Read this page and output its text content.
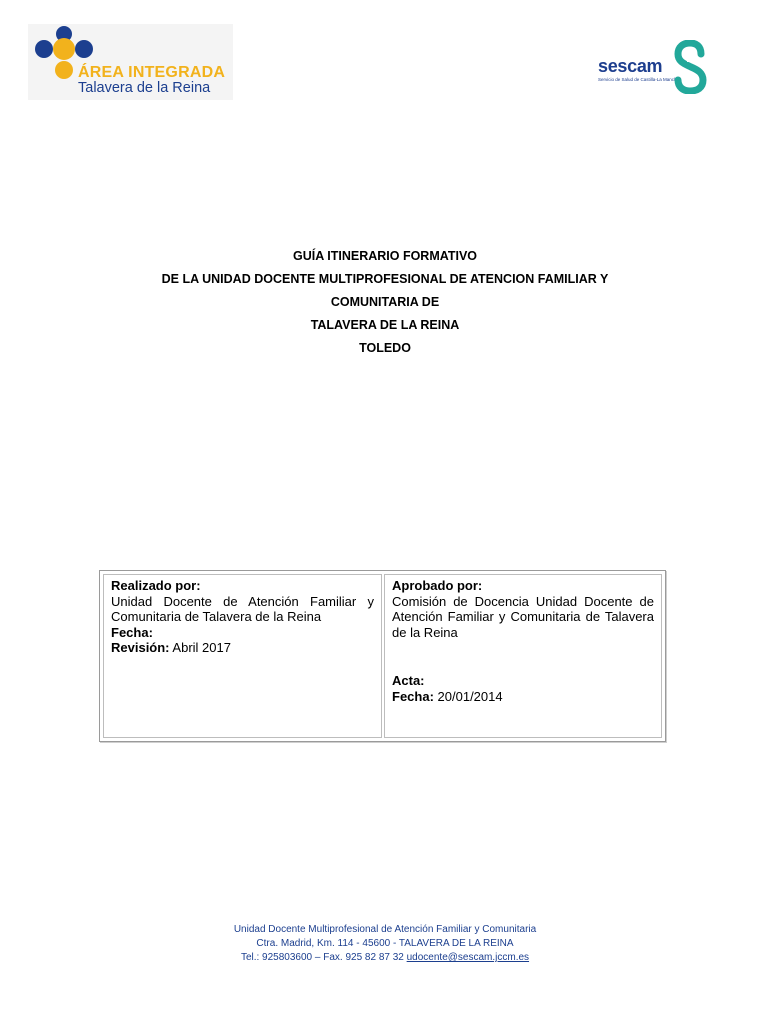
ÁREA INTEGRADA
Talavera de la Reina
sescam
Servicio de Salud de Castilla-La Mancha
GUÍA ITINERARIO FORMATIVO
DE LA UNIDAD DOCENTE MULTIPROFESIONAL DE ATENCION FAMILIAR Y
COMUNITARIA DE
TALAVERA DE LA REINA
TOLEDO
Realizado por:
Unidad Docente de Atención Familiar y Comunitaria de Talavera de la Reina
Fecha:
Revisión: Abril 2017
Aprobado por:
Comisión de Docencia Unidad Docente de Atención Familiar y Comunitaria de Talavera de la Reina
Acta:
Fecha: 20/01/2014
Unidad Docente Multiprofesional de Atención Familiar y Comunitaria
Ctra. Madrid, Km. 114 - 45600 - TALAVERA DE LA REINA
Tel.: 925803600 – Fax. 925 82 87 32 udocente@sescam.jccm.es
